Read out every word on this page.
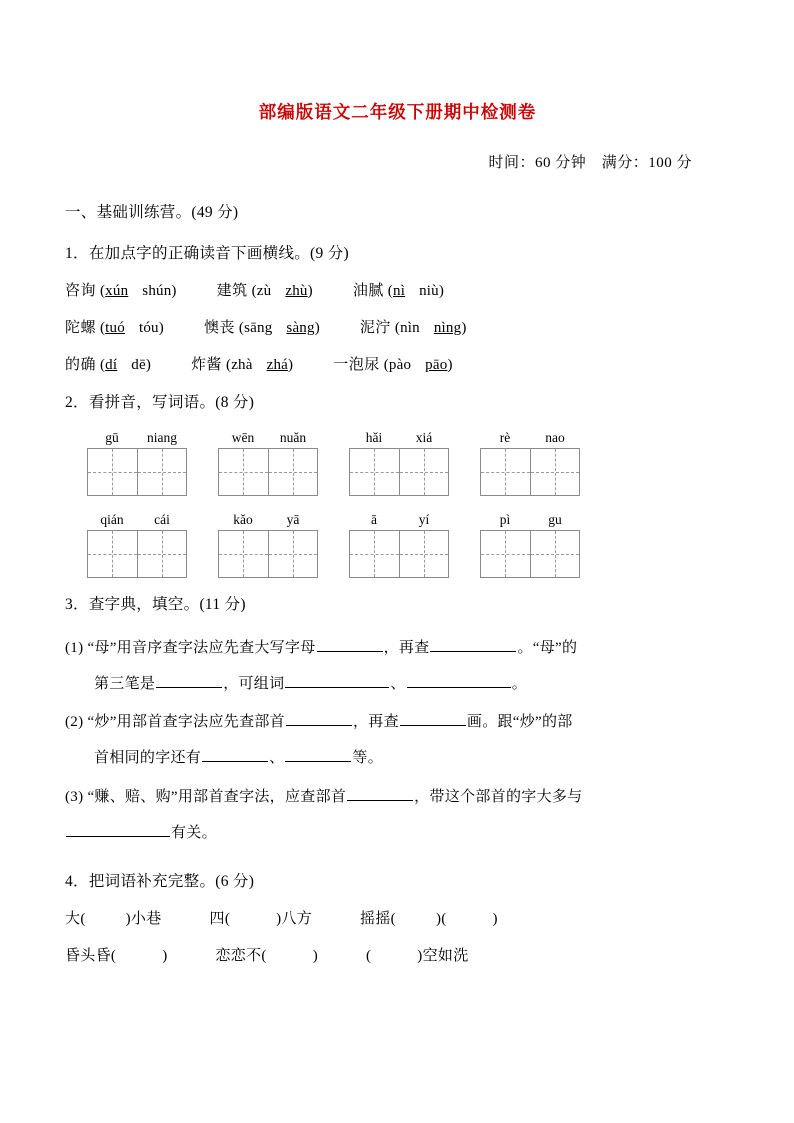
部编版语文二年级下册期中检测卷
时间：60 分钟　满分：100 分
一、基础训练营。(49 分)
1．在加点字的正确读音下画横线。(9 分)
咨询 (xún shún)	建筑 (zù zhù)	油腻 (nì niù)
陀螺 (tuó tóu)	懊丧 (sāng sàng)	泥泞 (nìn nìng)
的确 (dí dē)	炸酱 (zhà zhá)	一泡尿 (pào pāo)
2．看拼音，写词语。(8 分)
gū	niang	wēn	nuǎn	hǎi	xiá	rè	nao
qián	cái	kǎo	yā	ā	yí	pì	gu
3．查字典，填空。(11 分)
(1) “母”用音序查字法应先查大写字母	，再查	。“母”的
第三笔是	，可组词	、	。
(2) “炒”用部首查字法应先查部首	，再查	画。跟“炒”的部
首相同的字还有	、	等。
(3) “赚、赔、购”用部首查字法，应查部首	，带这个部首的字大多与
有关。
4．把词语补充完整。(6 分)
大(	)小巷	四(	)八方	摇摇(	)(	)
昏头昏(	)	恋恋不(	)	(	)空如洗
